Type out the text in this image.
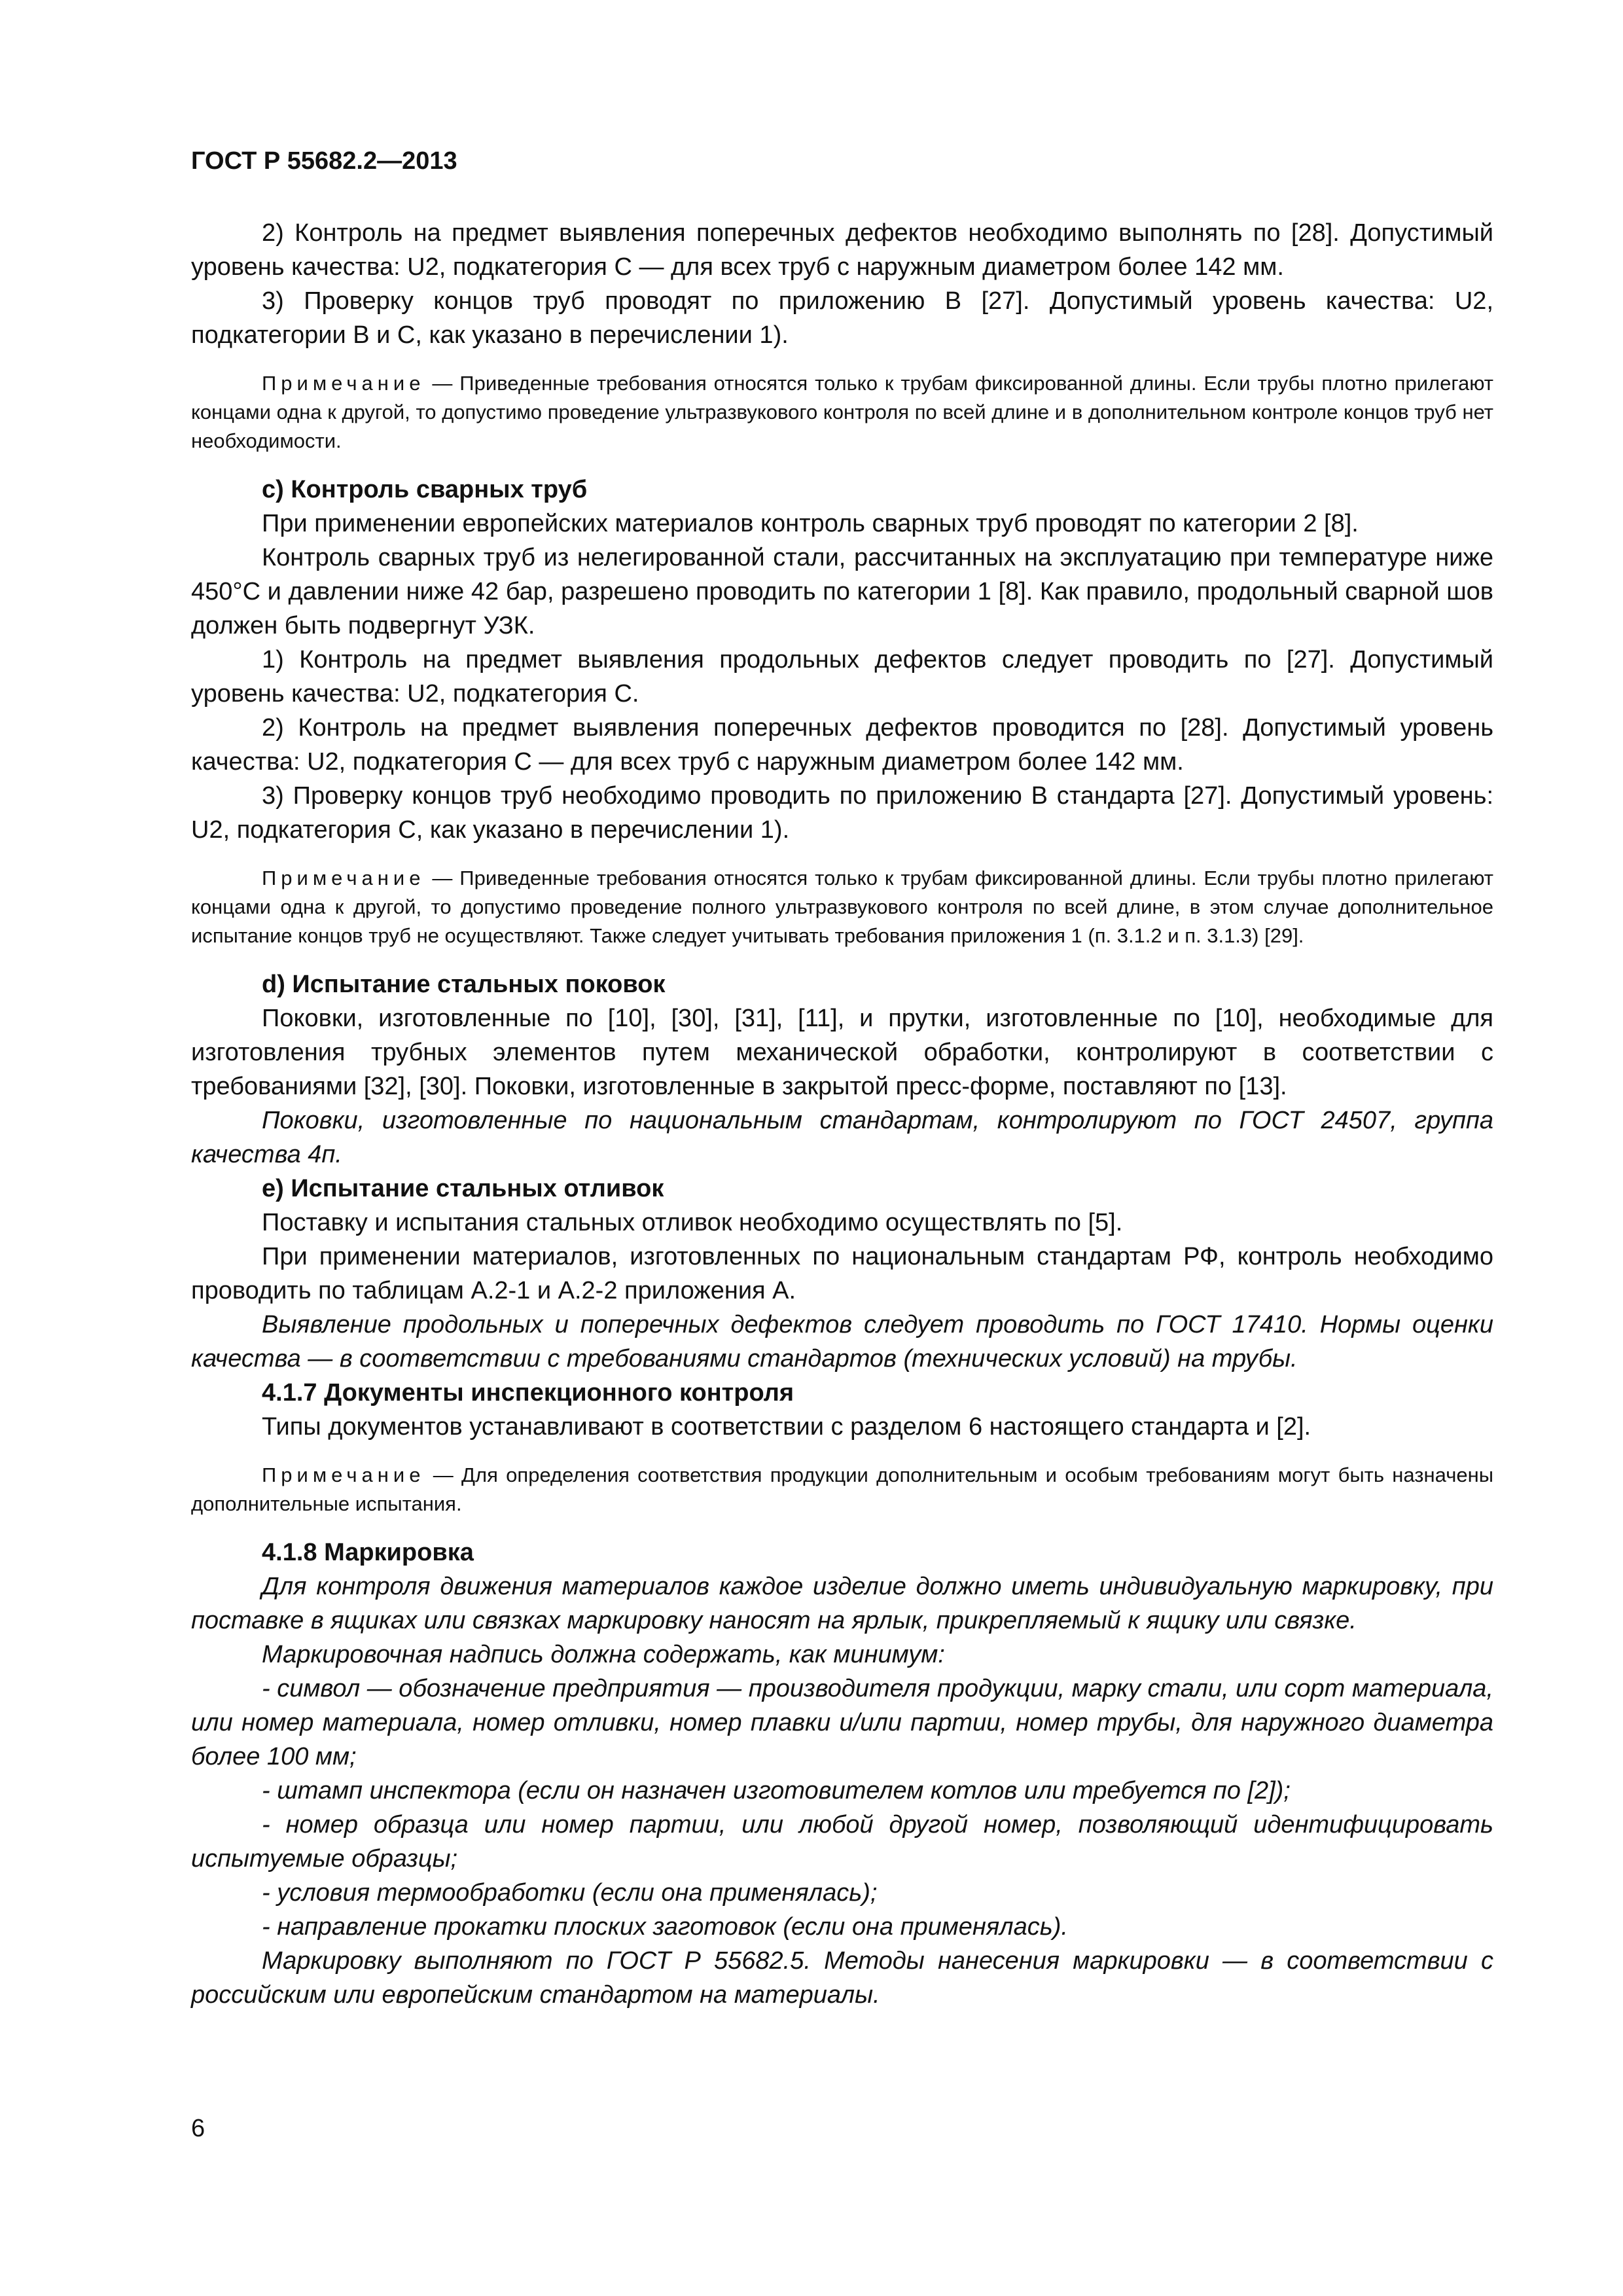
ГОСТ Р 55682.2—2013

2) Контроль на предмет выявления поперечных дефектов необходимо выполнять по [28]. Допустимый уровень качества: U2, подкатегория С — для всех труб с наружным диаметром более 142 мм.

3) Проверку концов труб проводят по приложению В [27]. Допустимый уровень качества: U2, подкатегории В и С, как указано в перечислении 1).

Примечание — Приведенные требования относятся только к трубам фиксированной длины. Если трубы плотно прилегают концами одна к другой, то допустимо проведение ультразвукового контроля по всей длине и в дополнительном контроле концов труб нет необходимости.

с) Контроль сварных труб

При применении европейских материалов контроль сварных труб проводят по категории 2 [8].

Контроль сварных труб из нелегированной стали, рассчитанных на эксплуатацию при температуре ниже 450°С и давлении ниже 42 бар, разрешено проводить по категории 1 [8]. Как правило, продольный сварной шов должен быть подвергнут УЗК.

1) Контроль на предмет выявления продольных дефектов следует проводить по [27]. Допустимый уровень качества: U2, подкатегория С.

2) Контроль на предмет выявления поперечных дефектов проводится по [28]. Допустимый уровень качества: U2, подкатегория С — для всех труб с наружным диаметром более 142 мм.

3) Проверку концов труб необходимо проводить по приложению В стандарта [27]. Допустимый уровень: U2, подкатегория С, как указано в перечислении 1).

Примечание — Приведенные требования относятся только к трубам фиксированной длины. Если трубы плотно прилегают концами одна к другой, то допустимо проведение полного ультразвукового контроля по всей длине, в этом случае дополнительное испытание концов труб не осуществляют. Также следует учитывать требования приложения 1 (п. 3.1.2 и п. 3.1.3) [29].

d) Испытание стальных поковок

Поковки, изготовленные по [10], [30], [31], [11], и прутки, изготовленные по [10], необходимые для изготовления трубных элементов путем механической обработки, контролируют в соответствии с требованиями [32], [30]. Поковки, изготовленные в закрытой пресс-форме, поставляют по [13].

Поковки, изготовленные по национальным стандартам, контролируют по ГОСТ 24507, группа качества 4п.

е) Испытание стальных отливок

Поставку и испытания стальных отливок необходимо осуществлять по [5].

При применении материалов, изготовленных по национальным стандартам РФ, контроль необходимо проводить по таблицам А.2-1 и А.2-2 приложения А.

Выявление продольных и поперечных дефектов следует проводить по ГОСТ 17410. Нормы оценки качества — в соответствии с требованиями стандартов (технических условий) на трубы.

4.1.7 Документы инспекционного контроля

Типы документов устанавливают в соответствии с разделом 6 настоящего стандарта и [2].

Примечание — Для определения соответствия продукции дополнительным и особым требованиям могут быть назначены дополнительные испытания.

4.1.8 Маркировка

Для контроля движения материалов каждое изделие должно иметь индивидуальную маркировку, при поставке в ящиках или связках маркировку наносят на ярлык, прикрепляемый к ящику или связке.

Маркировочная надпись должна содержать, как минимум:

- символ — обозначение предприятия — производителя продукции, марку стали, или сорт материала, или номер материала, номер отливки, номер плавки и/или партии, номер трубы, для наружного диаметра более 100 мм;

- штамп инспектора (если он назначен изготовителем котлов или требуется по [2]);

- номер образца или номер партии, или любой другой номер, позволяющий идентифицировать испытуемые образцы;

- условия термообработки (если она применялась);

- направление прокатки плоских заготовок (если она применялась).

Маркировку выполняют по ГОСТ Р 55682.5. Методы нанесения маркировки — в соответствии с российским или европейским стандартом на материалы.

6
